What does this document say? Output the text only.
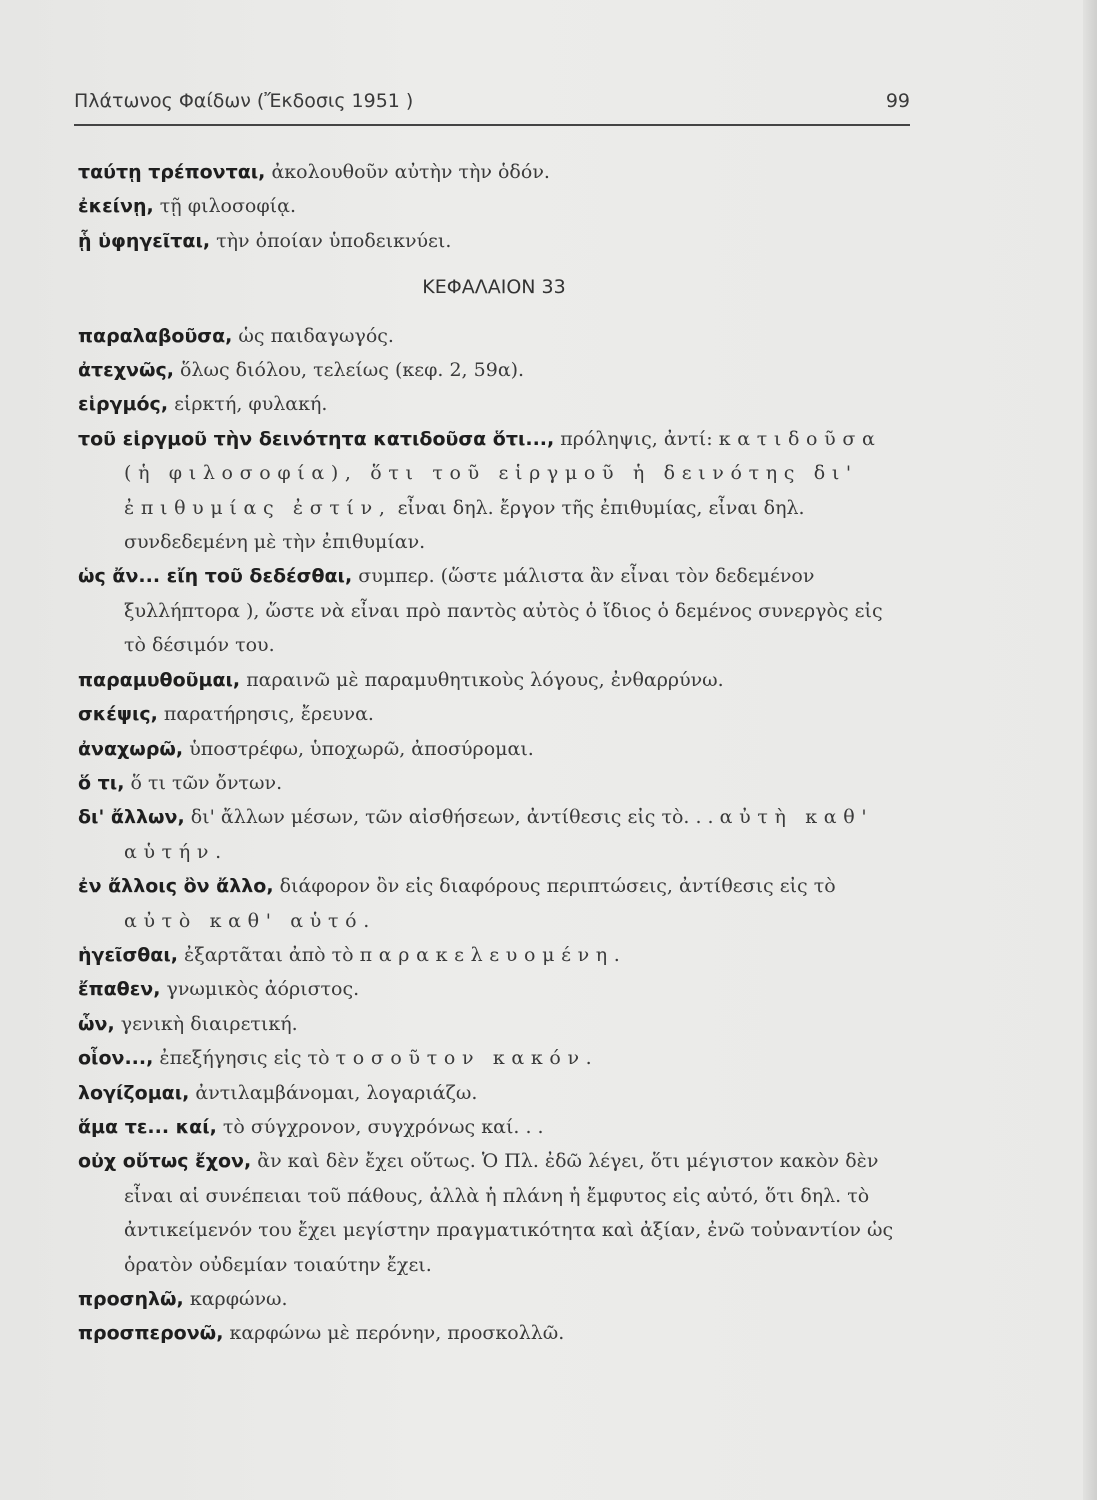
Πλάτωνος Φαίδων (Ἔκδοσις 1951 )	99

ταύτῃ τρέπονται, ἀκολουθοῦν αὐτὴν τὴν ὁδόν.

ἐκείνῃ, τῇ φιλοσοφίᾳ.

ᾗ ὑφηγεῖται, τὴν ὁποίαν ὑποδεικνύει.

ΚΕΦΑΛΑΙΟΝ 33

παραλαβοῦσα, ὡς παιδαγωγός.

ἀτεχνῶς, ὅλως διόλου, τελείως (κεφ. 2, 59α).

εἱργμός, εἱρκτή, φυλακή.

τοῦ εἱργμοῦ τὴν δεινότητα κατιδοῦσα ὅτι..., πρόληψις, ἀντί: κατιδοῦσα (ἡ φιλοσοφία), ὅτι τοῦ εἱργμοῦ ἡ δεινότης δι' ἐπιθυμίας ἐστίν, εἶναι δηλ. ἔργον τῆς ἐπιθυμίας, εἶναι δηλ. συνδεδεμένη μὲ τὴν ἐπιθυμίαν.

ὡς ἄν... εἴη τοῦ δεδέσθαι, συμπερ. (ὥστε μάλιστα ἂν εἶναι τὸν δεδεμένον ξυλλήπτορα ), ὥστε νὰ εἶναι πρὸ παντὸς αὐτὸς ὁ ἴδιος ὁ δεμένος συνεργὸς εἰς τὸ δέσιμόν του.

παραμυθοῦμαι, παραινῶ μὲ παραμυθητικοὺς λόγους, ἐνθαρρύνω.

σκέψις, παρατήρησις, ἔρευνα.

ἀναχωρῶ, ὑποστρέφω, ὑποχωρῶ, ἀποσύρομαι.

ὅ τι, ὅ τι τῶν ὄντων.

δι' ἄλλων, δι' ἄλλων μέσων, τῶν αἰσθήσεων, ἀντίθεσις εἰς τὸ. . . αὐτὴ καθ' αὑτήν.

ἐν ἄλλοις ὂν ἄλλο, διάφορον ὂν εἰς διαφόρους περιπτώσεις, ἀντίθεσις εἰς τὸ αὐτὸ καθ' αὑτό.

ἡγεῖσθαι, ἐξαρτᾶται ἀπὸ τὸ παρακελευομένη.

ἔπαθεν, γνωμικὸς ἀόριστος.

ὧν, γενικὴ διαιρετική.

οἷον..., ἐπεξήγησις εἰς τὸ τοσοῦτον κακόν.

λογίζομαι, ἀντιλαμβάνομαι, λογαριάζω.

ἅμα τε... καί, τὸ σύγχρονον, συγχρόνως καί. . .

οὐχ οὕτως ἔχον, ἂν καὶ δὲν ἔχει οὕτως. Ὁ Πλ. ἐδῶ λέγει, ὅτι μέγιστον κακὸν δὲν εἶναι αἱ συνέπειαι τοῦ πάθους, ἀλλὰ ἡ πλάνη ἡ ἔμφυτος εἰς αὐτό, ὅτι δηλ. τὸ ἀντικείμενόν του ἔχει μεγίστην πραγματικότητα καὶ ἀξίαν, ἐνῶ τοὐναντίον ὡς ὁρατὸν οὐδεμίαν τοιαύτην ἔχει.

προσηλῶ, καρφώνω.

προσπερονῶ, καρφώνω μὲ περόνην, προσκολλῶ.
